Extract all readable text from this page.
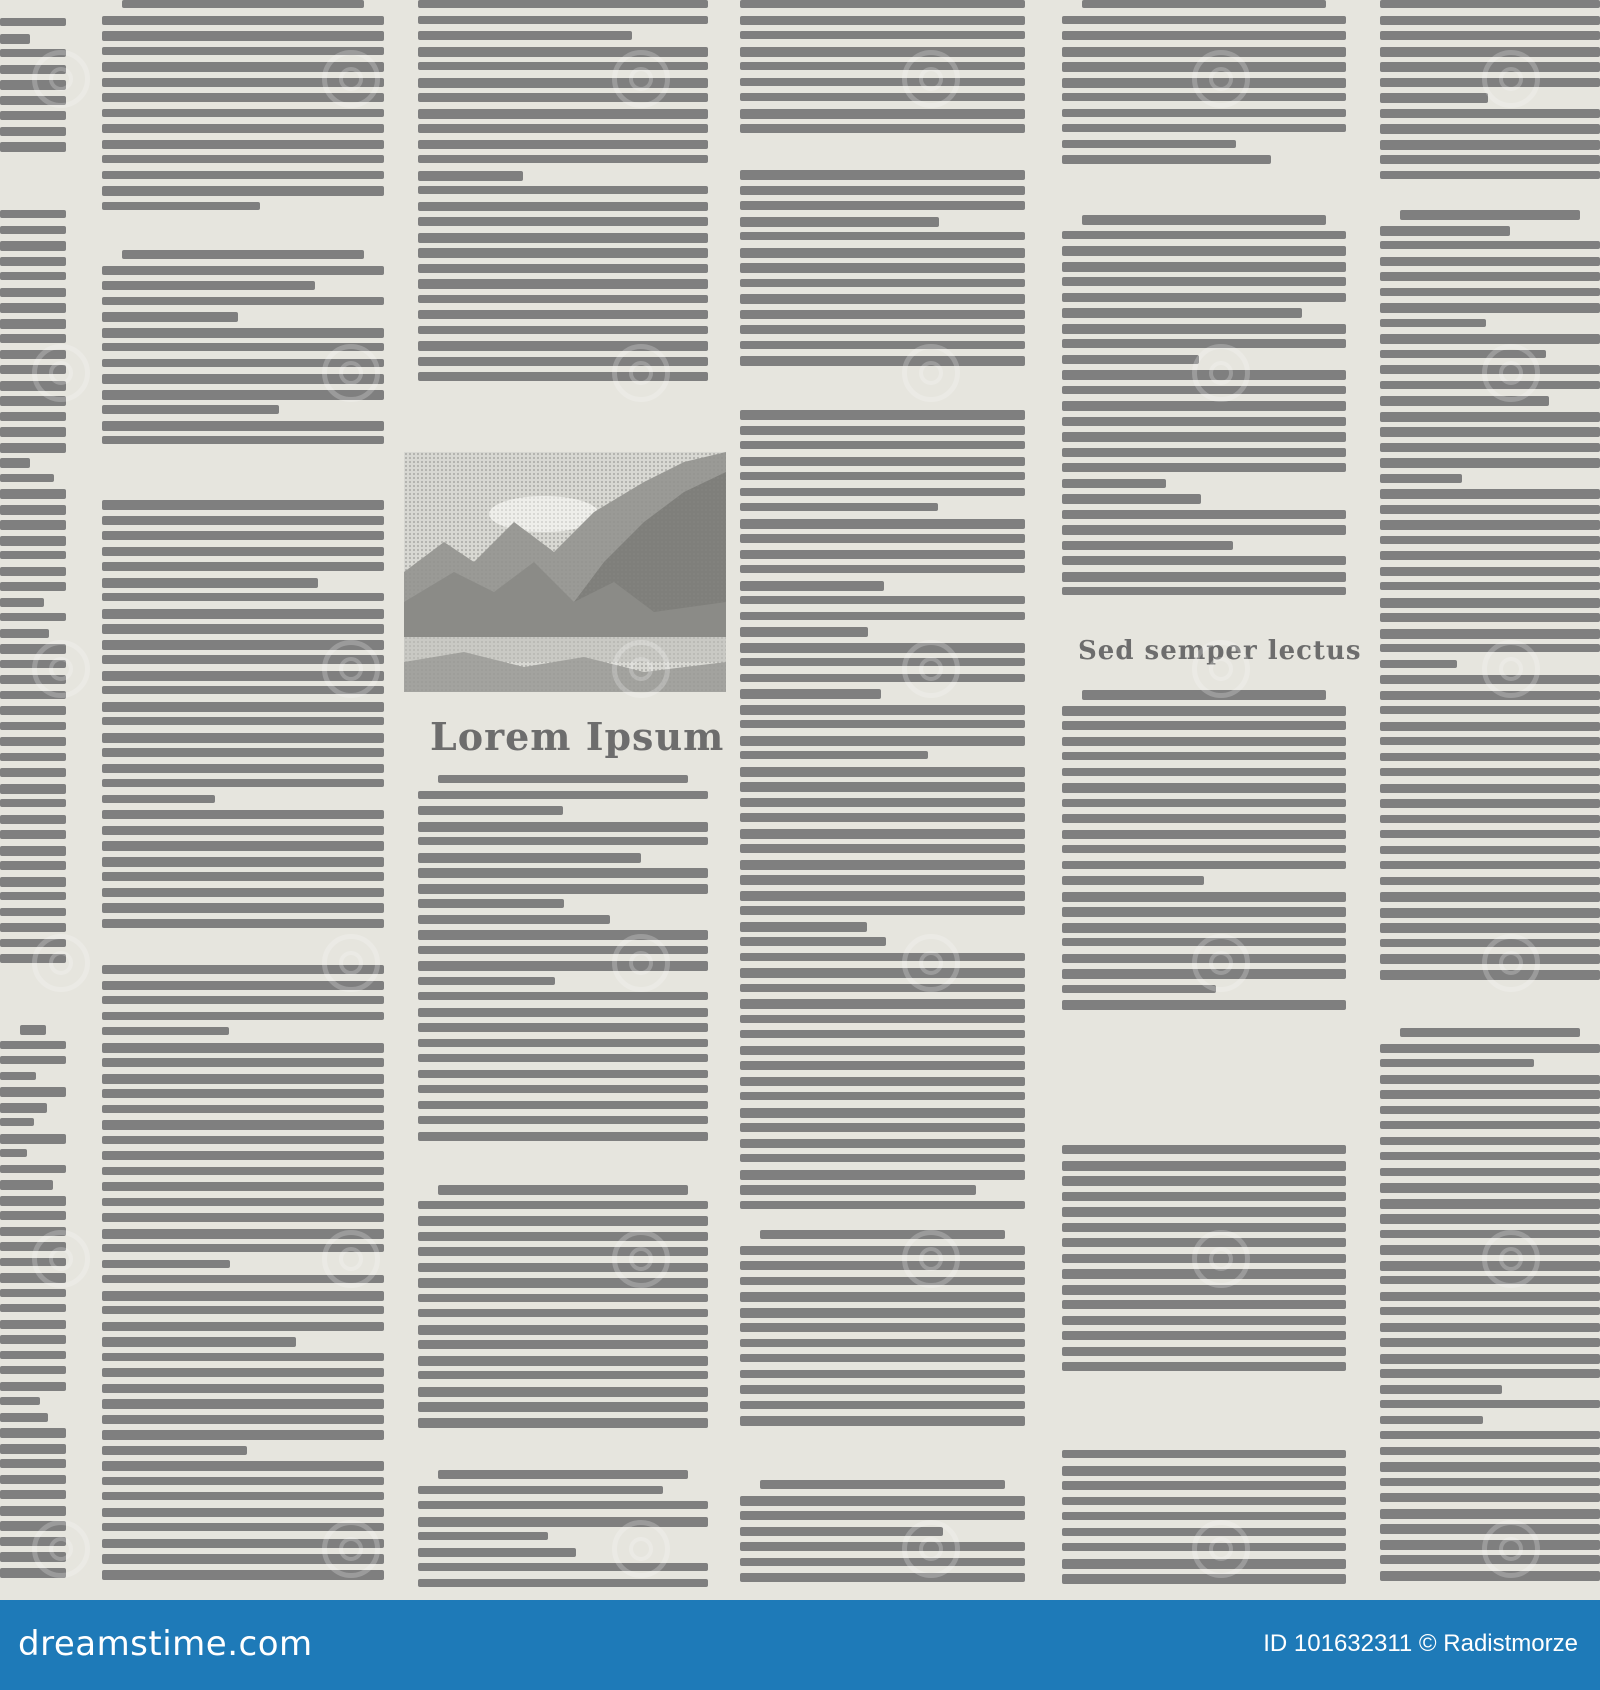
Lorem Ipsum
Sed semper lectus
dreamstime.com	ID 101632311 © Radistmorze
